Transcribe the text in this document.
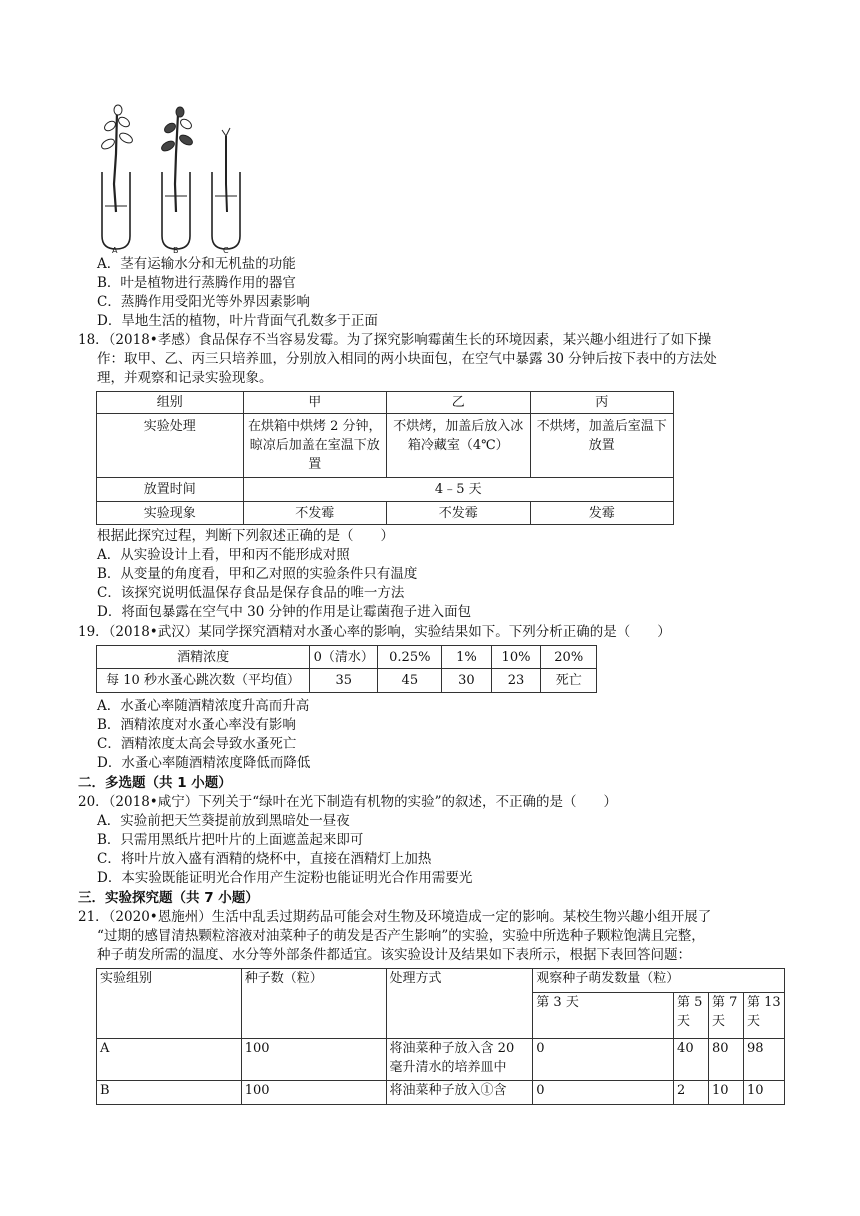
A	B	C
A．茎有运输水分和无机盐的功能
B．叶是植物进行蒸腾作用的器官
C．蒸腾作用受阳光等外界因素影响
D．旱地生活的植物，叶片背面气孔数多于正面
18．（2018•孝感）食品保存不当容易发霉。为了探究影响霉菌生长的环境因素，某兴趣小组进行了如下操
作：取甲、乙、丙三只培养皿，分别放入相同的两小块面包，在空气中暴露 30 分钟后按下表中的方法处
理，并观察和记录实验现象。
组别	甲	乙	丙
实验处理	在烘箱中烘烤 2 分钟，晾凉后加盖在室温下放置	不烘烤，加盖后放入冰箱冷藏室（4℃）	不烘烤，加盖后室温下放置
放置时间	4﹣5 天		
实验现象	不发霉	不发霉	发霉
根据此探究过程，判断下列叙述正确的是（　　）
A．从实验设计上看，甲和丙不能形成对照
B．从变量的角度看，甲和乙对照的实验条件只有温度
C．该探究说明低温保存食品是保存食品的唯一方法
D．将面包暴露在空气中 30 分钟的作用是让霉菌孢子进入面包
19．（2018•武汉）某同学探究酒精对水蚤心率的影响，实验结果如下。下列分析正确的是（　　）
酒精浓度	0（清水）	0.25%	1%	10%	20%
每 10 秒水蚤心跳次数（平均值）	35	45	30	23	死亡
A．水蚤心率随酒精浓度升高而升高
B．酒精浓度对水蚤心率没有影响
C．酒精浓度太高会导致水蚤死亡
D．水蚤心率随酒精浓度降低而降低
二．多选题（共 1 小题）
20．（2018•咸宁）下列关于“绿叶在光下制造有机物的实验”的叙述，不正确的是（　　）
A．实验前把天竺葵提前放到黑暗处一昼夜
B．只需用黑纸片把叶片的上面遮盖起来即可
C．将叶片放入盛有酒精的烧杯中，直接在酒精灯上加热
D．本实验既能证明光合作用产生淀粉也能证明光合作用需要光
三．实验探究题（共 7 小题）
21．（2020•恩施州）生活中乱丢过期药品可能会对生物及环境造成一定的影响。某校生物兴趣小组开展了
“过期的感冒清热颗粒溶液对油菜种子的萌发是否产生影响”的实验，实验中所选种子颗粒饱满且完整，
种子萌发所需的温度、水分等外部条件都适宜。该实验设计及结果如下表所示，根据下表回答问题：
实验组别	种子数（粒）	处理方式	观察种子萌发数量（粒）			
			第 3 天	第 5 天	第 7 天	第 13 天
A	100	将油菜种子放入含 20 毫升清水的培养皿中	0	40	80	98
B	100	将油菜种子放入①含	0	2	10	10
